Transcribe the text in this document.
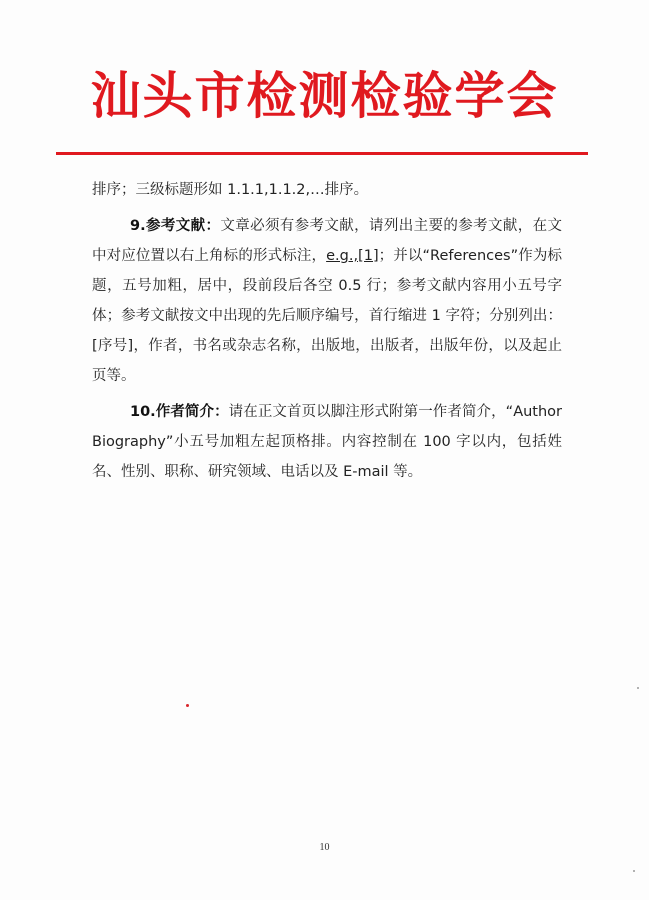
汕头市检测检验学会

排序；三级标题形如 1.1.1,1.1.2,…排序。

9.参考文献：文章必须有参考文献，请列出主要的参考文献，在文中对应位置以右上角标的形式标注，e.g.,[1]；并以“References”作为标题，五号加粗，居中，段前段后各空 0.5 行；参考文献内容用小五号字体；参考文献按文中出现的先后顺序编号，首行缩进 1 字符；分别列出：[序号]，作者，书名或杂志名称，出版地，出版者，出版年份，以及起止页等。

10.作者简介：请在正文首页以脚注形式附第一作者简介，“Author Biography”小五号加粗左起顶格排。内容控制在 100 字以内，包括姓名、性别、职称、研究领域、电话以及 E-mail 等。

10
